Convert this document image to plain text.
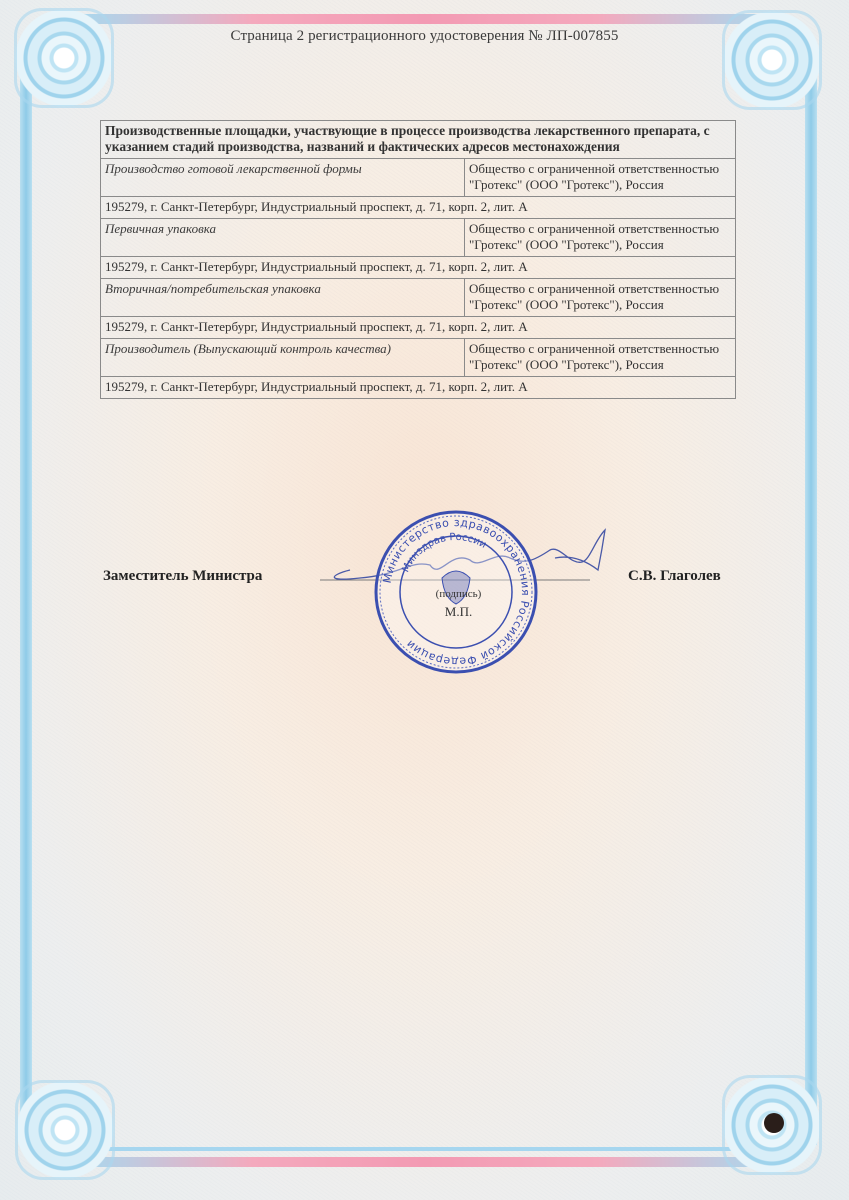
Страница 2 регистрационного удостоверения № ЛП-007855
Производственные площадки, участвующие в процессе производства лекарственного препарата, с указанием стадий производства, названий и фактических адресов местонахождения	
Производство готовой лекарственной формы	Общество с ограниченной ответственностью "Гротекс" (ООО "Гротекс"), Россия
195279, г. Санкт-Петербург, Индустриальный проспект, д. 71, корп. 2, лит. А	
Первичная упаковка	Общество с ограниченной ответственностью "Гротекс" (ООО "Гротекс"), Россия
195279, г. Санкт-Петербург, Индустриальный проспект, д. 71, корп. 2, лит. А	
Вторичная/потребительская упаковка	Общество с ограниченной ответственностью "Гротекс" (ООО "Гротекс"), Россия
195279, г. Санкт-Петербург, Индустриальный проспект, д. 71, корп. 2, лит. А	
Производитель (Выпускающий контроль качества)	Общество с ограниченной ответственностью "Гротекс" (ООО "Гротекс"), Россия
195279, г. Санкт-Петербург, Индустриальный проспект, д. 71, корп. 2, лит. А	
Заместитель Министра	С.В. Глаголев
Министерство здравоохранения Российской Федерации
Минздрав России
(подпись)
М.П.
